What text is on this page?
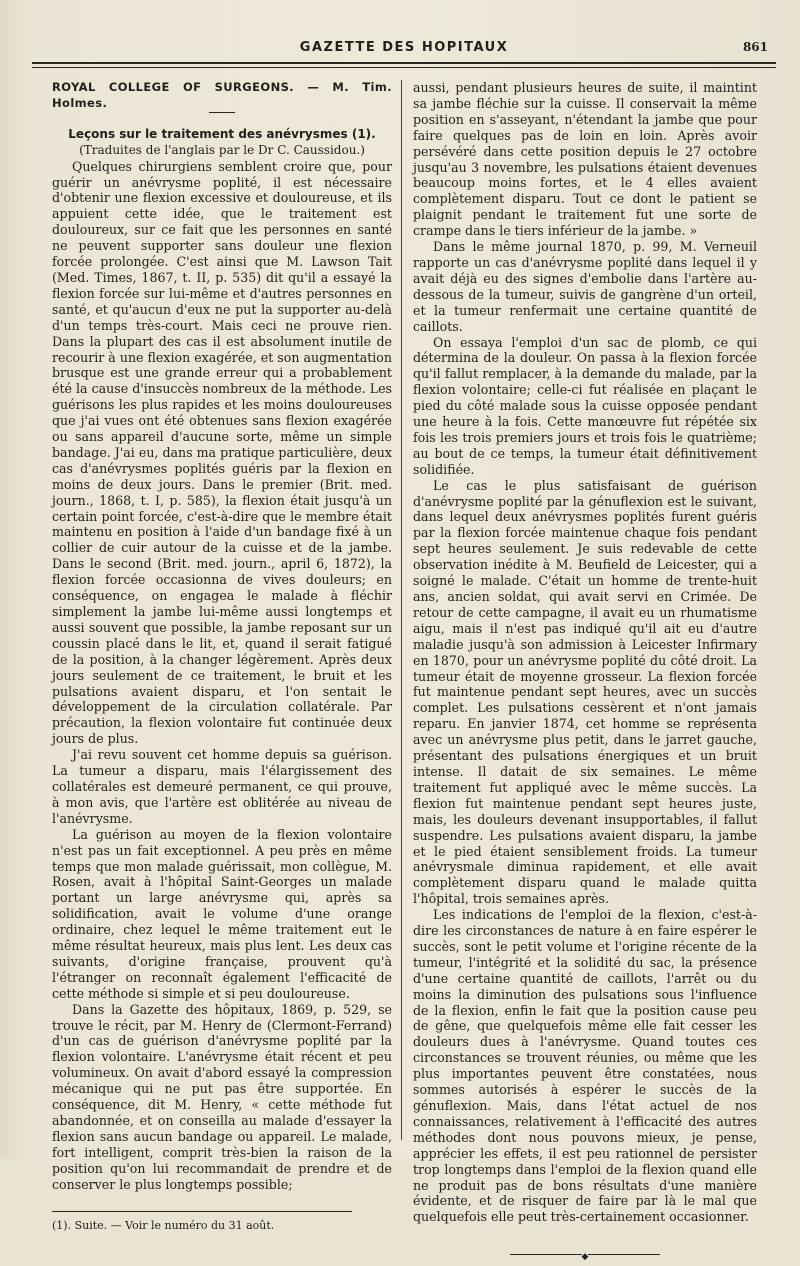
GAZETTE DES HOPITAUX	861

ROYAL COLLEGE OF SURGEONS. — M. Tim. Holmes.

Leçons sur le traitement des anévrysmes (1).

(Traduites de l'anglais par le Dr C. Caussidou.)

Quelques chirurgiens semblent croire que, pour guérir un anévrysme poplité, il est nécessaire d'obtenir une flexion excessive et douloureuse, et ils appuient cette idée, que le traitement est douloureux, sur ce fait que les personnes en santé ne peuvent supporter sans douleur une flexion forcée prolongée. C'est ainsi que M. Lawson Tait (Med. Times, 1867, t. II, p. 535) dit qu'il a essayé la flexion forcée sur lui-même et d'autres personnes en santé, et qu'aucun d'eux ne put la supporter au-delà d'un temps très-court. Mais ceci ne prouve rien. Dans la plupart des cas il est absolument inutile de recourir à une flexion exagérée, et son augmentation brusque est une grande erreur qui a probablement été la cause d'insuccès nombreux de la méthode. Les guérisons les plus rapides et les moins douloureuses que j'ai vues ont été obtenues sans flexion exagérée ou sans appareil d'aucune sorte, même un simple bandage. J'ai eu, dans ma pratique particulière, deux cas d'anévrysmes poplités guéris par la flexion en moins de deux jours. Dans le premier (Brit. med. journ., 1868, t. I, p. 585), la flexion était jusqu'à un certain point forcée, c'est-à-dire que le membre était maintenu en position à l'aide d'un bandage fixé à un collier de cuir autour de la cuisse et de la jambe. Dans le second (Brit. med. journ., april 6, 1872), la flexion forcée occasionna de vives douleurs; en conséquence, on engagea le malade à fléchir simplement la jambe lui-même aussi longtemps et aussi souvent que possible, la jambe reposant sur un coussin placé dans le lit, et, quand il serait fatigué de la position, à la changer légèrement. Après deux jours seulement de ce traitement, le bruit et les pulsations avaient disparu, et l'on sentait le développement de la circulation collatérale. Par précaution, la flexion volontaire fut continuée deux jours de plus.

J'ai revu souvent cet homme depuis sa guérison. La tumeur a disparu, mais l'élargissement des collatérales est demeuré permanent, ce qui prouve, à mon avis, que l'artère est oblitérée au niveau de l'anévrysme.

La guérison au moyen de la flexion volontaire n'est pas un fait exceptionnel. A peu près en même temps que mon malade guérissait, mon collègue, M. Rosen, avait à l'hôpital Saint-Georges un malade portant un large anévrysme qui, après sa solidification, avait le volume d'une orange ordinaire, chez lequel le même traitement eut le même résultat heureux, mais plus lent. Les deux cas suivants, d'origine française, prouvent qu'à l'étranger on reconnaît également l'efficacité de cette méthode si simple et si peu douloureuse.

Dans la Gazette des hôpitaux, 1869, p. 529, se trouve le récit, par M. Henry de (Clermont-Ferrand) d'un cas de guérison d'anévrysme poplité par la flexion volontaire. L'anévrysme était récent et peu volumineux. On avait d'abord essayé la compression mécanique qui ne put pas être supportée. En conséquence, dit M. Henry, « cette méthode fut abandonnée, et on conseilla au malade d'essayer la flexion sans aucun bandage ou appareil. Le malade, fort intelligent, comprit très-bien la raison de la position qu'on lui recommandait de prendre et de conserver le plus longtemps possible;

(1). Suite. — Voir le numéro du 31 août.

aussi, pendant plusieurs heures de suite, il maintint sa jambe fléchie sur la cuisse. Il conservait la même position en s'asseyant, n'étendant la jambe que pour faire quelques pas de loin en loin. Après avoir persévéré dans cette position depuis le 27 octobre jusqu'au 3 novembre, les pulsations étaient devenues beaucoup moins fortes, et le 4 elles avaient complètement disparu. Tout ce dont le patient se plaignit pendant le traitement fut une sorte de crampe dans le tiers inférieur de la jambe. »

Dans le même journal 1870, p. 99, M. Verneuil rapporte un cas d'anévrysme poplité dans lequel il y avait déjà eu des signes d'embolie dans l'artère au-dessous de la tumeur, suivis de gangrène d'un orteil, et la tumeur renfermait une certaine quantité de caillots.

On essaya l'emploi d'un sac de plomb, ce qui détermina de la douleur. On passa à la flexion forcée qu'il fallut remplacer, à la demande du malade, par la flexion volontaire; celle-ci fut réalisée en plaçant le pied du côté malade sous la cuisse opposée pendant une heure à la fois. Cette manœuvre fut répétée six fois les trois premiers jours et trois fois le quatrième; au bout de ce temps, la tumeur était définitivement solidifiée.

Le cas le plus satisfaisant de guérison d'anévrysme poplité par la génuflexion est le suivant, dans lequel deux anévrysmes poplités furent guéris par la flexion forcée maintenue chaque fois pendant sept heures seulement. Je suis redevable de cette observation inédite à M. Beufield de Leicester, qui a soigné le malade. C'était un homme de trente-huit ans, ancien soldat, qui avait servi en Crimée. De retour de cette campagne, il avait eu un rhumatisme aigu, mais il n'est pas indiqué qu'il ait eu d'autre maladie jusqu'à son admission à Leicester Infirmary en 1870, pour un anévrysme poplité du côté droit. La tumeur était de moyenne grosseur. La flexion forcée fut maintenue pendant sept heures, avec un succès complet. Les pulsations cessèrent et n'ont jamais reparu. En janvier 1874, cet homme se représenta avec un anévrysme plus petit, dans le jarret gauche, présentant des pulsations énergiques et un bruit intense. Il datait de six semaines. Le même traitement fut appliqué avec le même succès. La flexion fut maintenue pendant sept heures juste, mais, les douleurs devenant insupportables, il fallut suspendre. Les pulsations avaient disparu, la jambe et le pied étaient sensiblement froids. La tumeur anévrysmale diminua rapidement, et elle avait complètement disparu quand le malade quitta l'hôpital, trois semaines après.

Les indications de l'emploi de la flexion, c'est-à-dire les circonstances de nature à en faire espérer le succès, sont le petit volume et l'origine récente de la tumeur, l'intégrité et la solidité du sac, la présence d'une certaine quantité de caillots, l'arrêt ou du moins la diminution des pulsations sous l'influence de la flexion, enfin le fait que la position cause peu de gêne, que quelquefois même elle fait cesser les douleurs dues à l'anévrysme. Quand toutes ces circonstances se trouvent réunies, ou même que les plus importantes peuvent être constatées, nous sommes autorisés à espérer le succès de la génuflexion. Mais, dans l'état actuel de nos connaissances, relativement à l'efficacité des autres méthodes dont nous pouvons mieux, je pense, apprécier les effets, il est peu rationnel de persister trop longtemps dans l'emploi de la flexion quand elle ne produit pas de bons résultats d'une manière évidente, et de risquer de faire par là le mal que quelquefois elle peut très-certainement occasionner.

◆
